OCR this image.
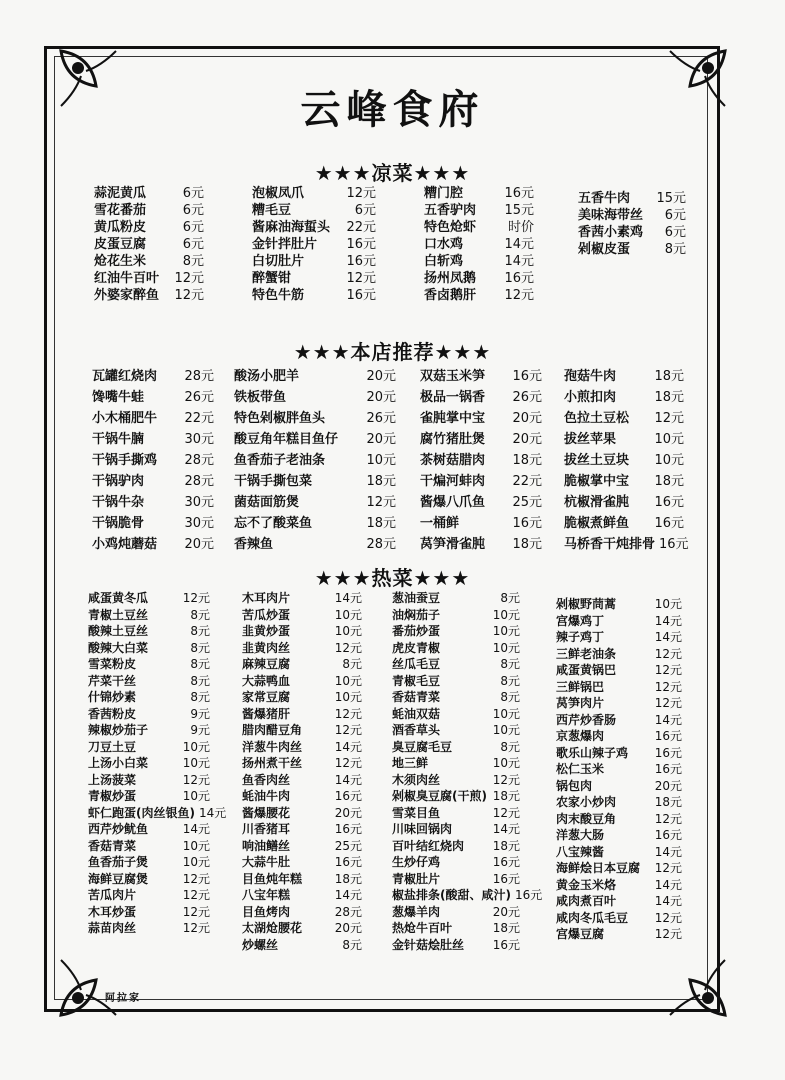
云峰食府
★★★凉菜★★★
★★★本店推荐★★★
★★★热菜★★★
蒜泥黄瓜	6元
雪花番茄	6元
黄瓜粉皮	6元
皮蛋豆腐	6元
炝花生米	8元
红油牛百叶	12元
外婆家醉鱼	12元
泡椒凤爪	12元
糟毛豆	6元
酱麻油海蜇头	22元
金针拌肚片	16元
白切肚片	16元
醉蟹钳	12元
特色牛筋	16元
糟门腔	16元
五香驴肉	15元
特色炝虾	时价
口水鸡	14元
白斩鸡	14元
扬州凤鹅	16元
香卤鹅肝	12元
五香牛肉	15元
美味海带丝	6元
香茜小素鸡	6元
剁椒皮蛋	8元
瓦罐红烧肉	28元
馋嘴牛蛙	26元
小木桶肥牛	22元
干锅牛腩	30元
干锅手撕鸡	28元
干锅驴肉	28元
干锅牛杂	30元
干锅脆骨	30元
小鸡炖蘑菇	20元
酸汤小肥羊	20元
铁板带鱼	20元
特色剁椒胖鱼头	26元
酸豆角年糕目鱼仔	20元
鱼香茄子老油条	10元
干锅手撕包菜	18元
菌菇面筋煲	12元
忘不了酸菜鱼	18元
香辣鱼	28元
双菇玉米笋	16元
极品一锅香	26元
雀肫掌中宝	20元
腐竹猪肚煲	20元
茶树菇腊肉	18元
干煸河蚌肉	22元
酱爆八爪鱼	25元
一桶鲜	16元
莴笋滑雀肫	18元
孢菇牛肉	18元
小煎扣肉	18元
色拉土豆松	12元
拔丝苹果	10元
拔丝土豆块	10元
脆椒掌中宝	18元
杭椒滑雀肫	16元
脆椒煮鲜鱼	16元
马桥香干炖排骨 16元
咸蛋黄冬瓜	12元
青椒土豆丝	8元
酸辣土豆丝	8元
酸辣大白菜	8元
雪菜粉皮	8元
芹菜干丝	8元
什锦炒素	8元
香茜粉皮	9元
辣椒炒茄子	9元
刀豆土豆	10元
上汤小白菜	10元
上汤菠菜	12元
青椒炒蛋	10元
虾仁跑蛋(肉丝银鱼) 14元
西芹炒鱿鱼	14元
香菇青菜	10元
鱼香茄子煲	10元
海鲜豆腐煲	12元
苦瓜肉片	12元
木耳炒蛋	12元
蒜苗肉丝	12元
木耳肉片	14元
苦瓜炒蛋	10元
韭黄炒蛋	10元
韭黄肉丝	12元
麻辣豆腐	8元
大蒜鸭血	10元
家常豆腐	10元
酱爆猪肝	12元
腊肉醋豆角	12元
洋葱牛肉丝	14元
扬州煮干丝	12元
鱼香肉丝	14元
蚝油牛肉	16元
酱爆腰花	20元
川香猪耳	16元
响油鳝丝	25元
大蒜牛肚	16元
目鱼炖年糕	18元
八宝年糕	14元
目鱼烤肉	28元
太湖炝腰花	20元
炒螺丝	8元
葱油蚕豆	8元
油焖茄子	10元
番茄炒蛋	10元
虎皮青椒	10元
丝瓜毛豆	8元
青椒毛豆	8元
香菇青菜	8元
蚝油双菇	10元
酒香草头	10元
臭豆腐毛豆	8元
地三鲜	10元
木须肉丝	12元
剁椒臭豆腐(干煎) 18元
雪菜目鱼	12元
川味回锅肉	14元
百叶结红烧肉	18元
生炒仔鸡	16元
青椒肚片	16元
椒盐排条(酸甜、咸汁) 16元
葱爆羊肉	20元
热炝牛百叶	18元
金针菇烩肚丝	16元
剁椒野茼蒿	10元
宫爆鸡丁	14元
辣子鸡丁	14元
三鲜老油条	12元
咸蛋黄锅巴	12元
三鲜锅巴	12元
莴笋肉片	12元
西芹炒香肠	14元
京葱爆肉	16元
歌乐山辣子鸡	16元
松仁玉米	16元
锅包肉	20元
农家小炒肉	18元
肉末酸豆角	12元
洋葱大肠	16元
八宝辣酱	14元
海鲜烩日本豆腐	12元
黄金玉米烙	14元
咸肉煮百叶	14元
咸肉冬瓜毛豆	12元
宫爆豆腐	12元
阿拉家
